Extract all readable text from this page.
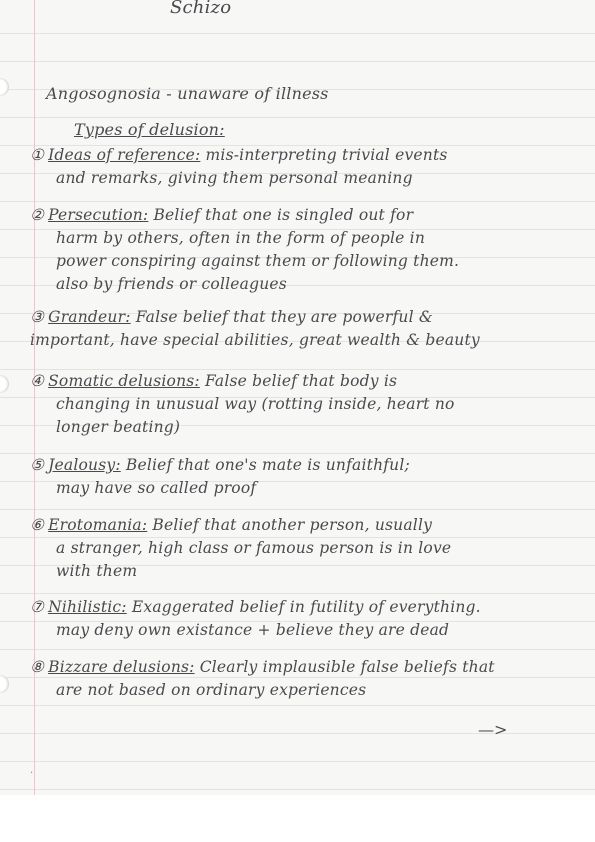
Schizo

Angosognosia - unaware of illness

Types of delusion:

① Ideas of reference: mis-interpreting trivial events
and remarks, giving them personal meaning
② Persecution: Belief that one is singled out for
harm by others, often in the form of people in
power conspiring against them or following them.
also by friends or colleagues
③ Grandeur: False belief that they are powerful &
important, have special abilities, great wealth & beauty
④ Somatic delusions: False belief that body is
changing in unusual way (rotting inside, heart no
longer beating)
⑤ Jealousy: Belief that one's mate is unfaithful;
may have so called proof
⑥ Erotomania: Belief that another person, usually
a stranger, high class or famous person is in love
with them
⑦ Nihilistic: Exaggerated belief in futility of everything.
may deny own existance + believe they are dead
⑧ Bizzare delusions: Clearly implausible false beliefs that
are not based on ordinary experiences
—>
·
